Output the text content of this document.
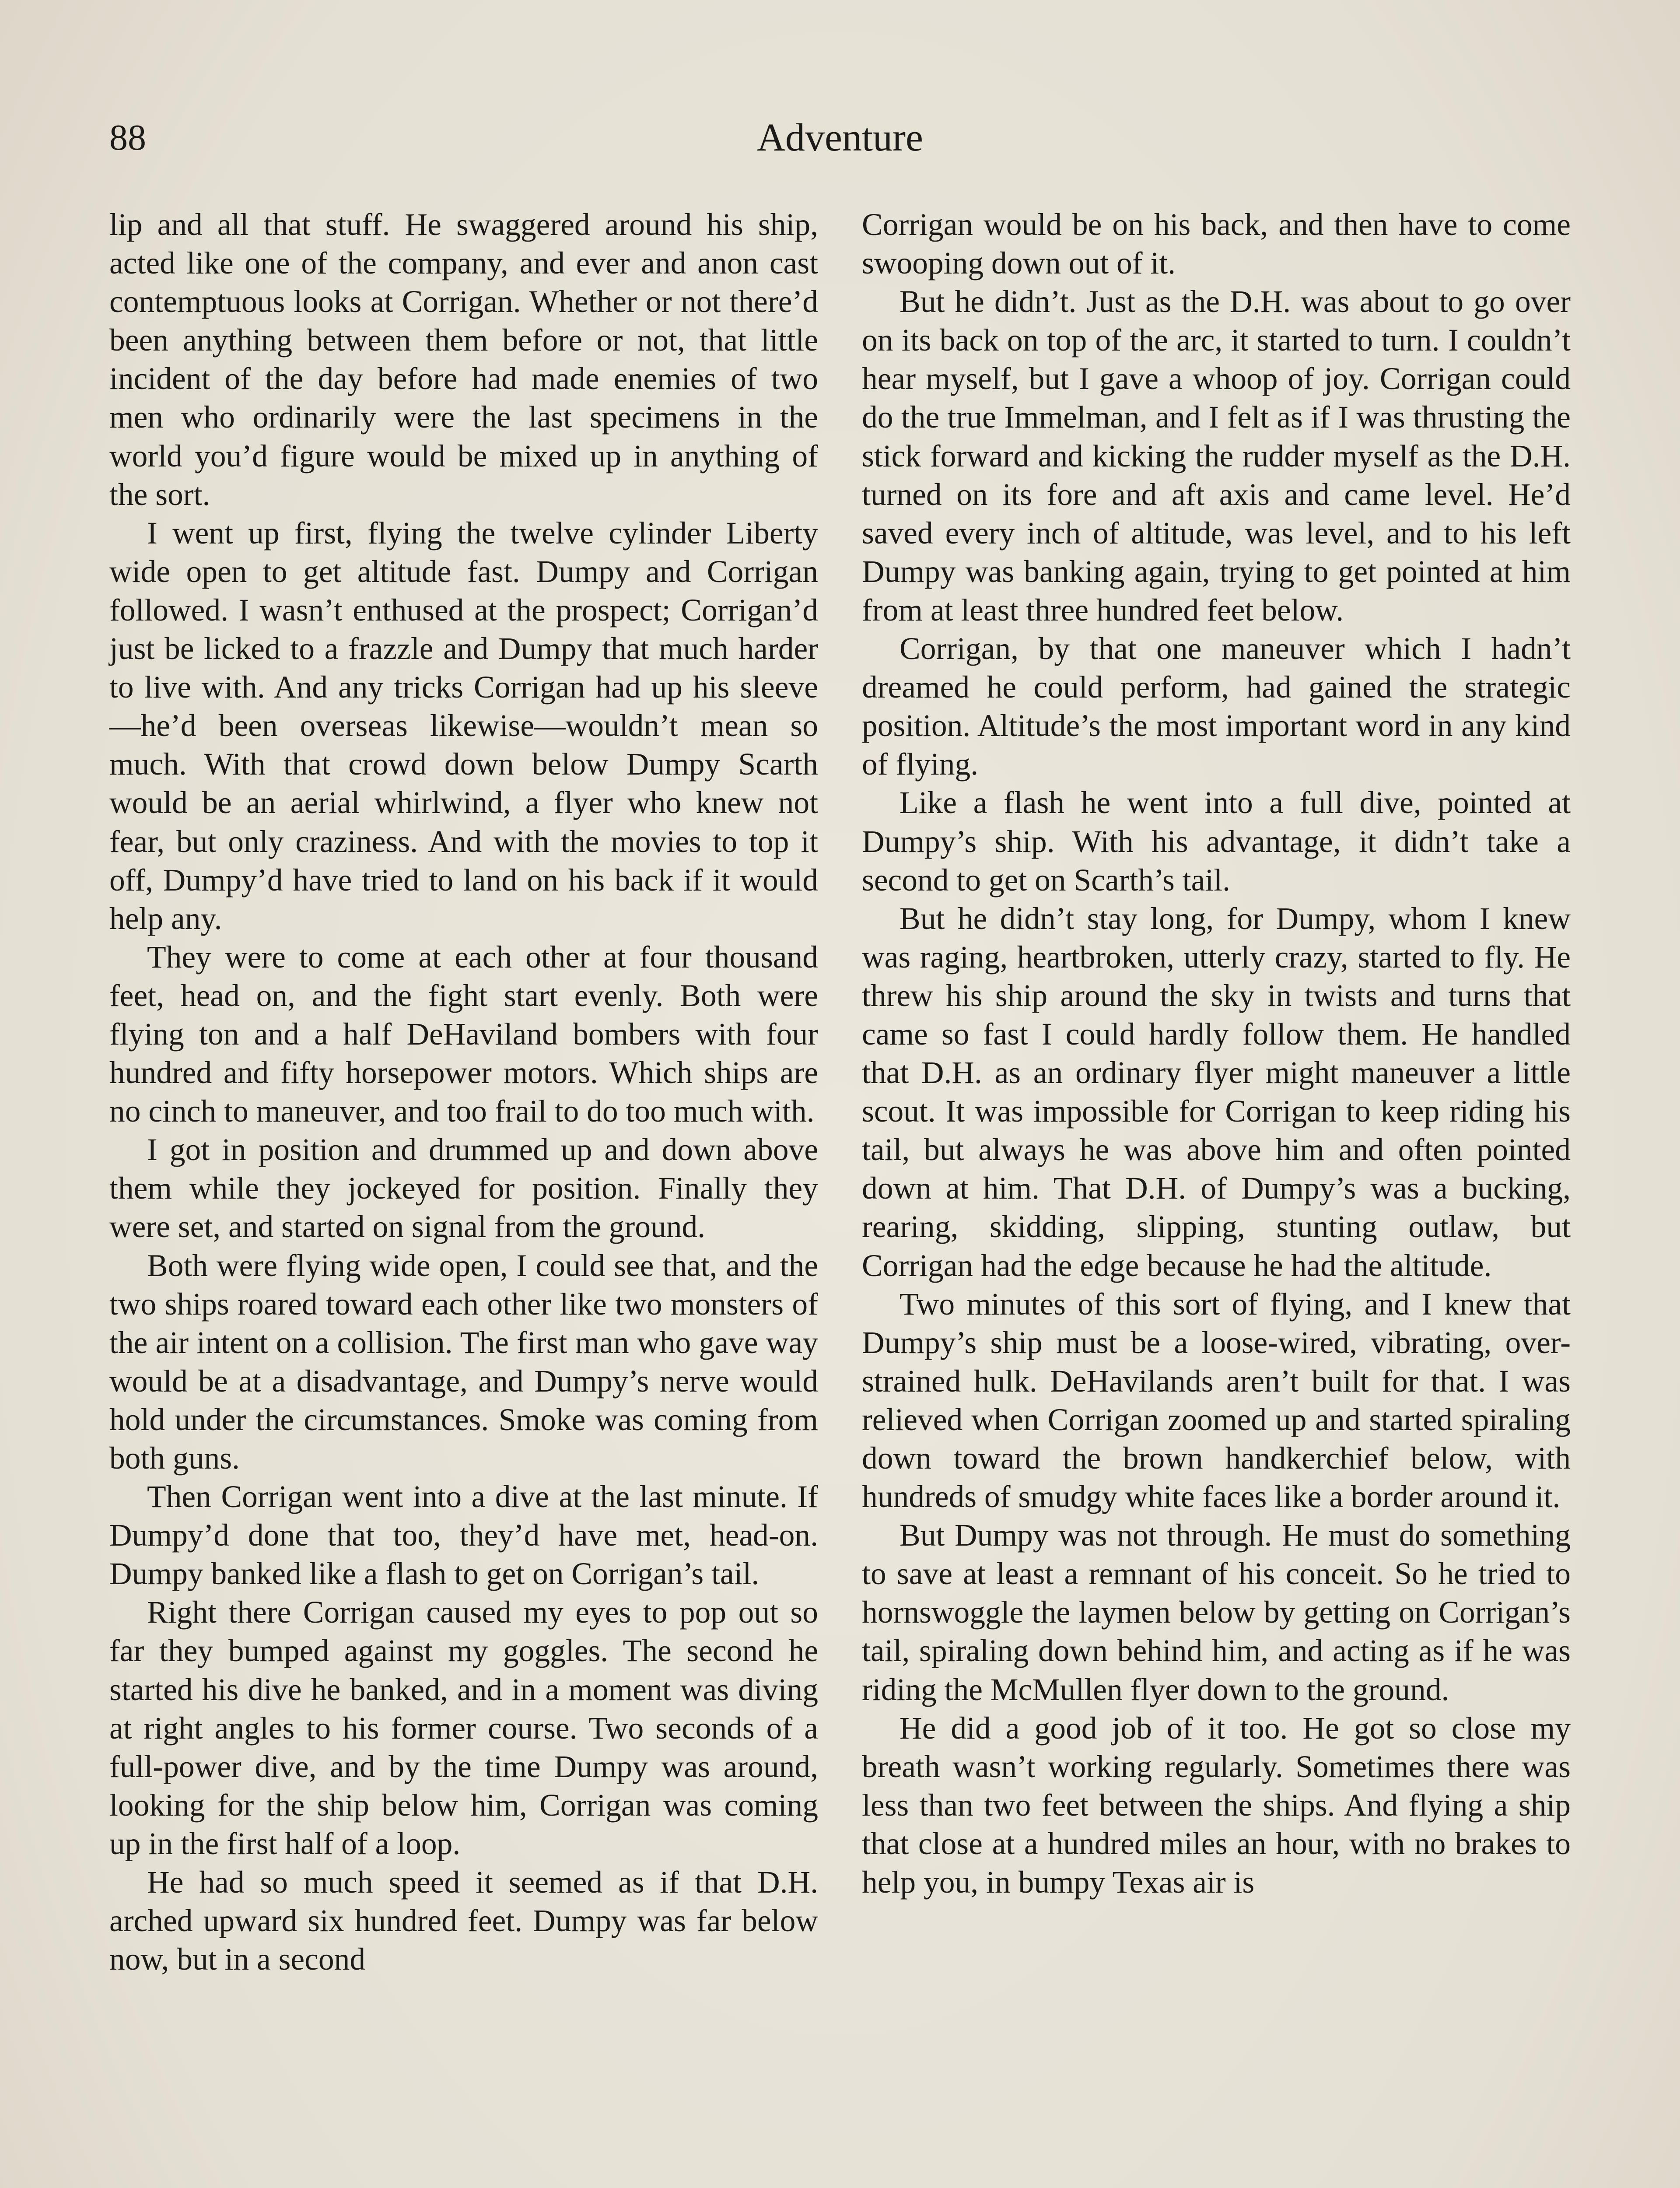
88	Adventure

lip and all that stuff. He swaggered around his ship, acted like one of the company, and ever and anon cast contemptuous looks at Corrigan. Whether or not there’d been anything between them before or not, that little incident of the day before had made enemies of two men who ordinarily were the last specimens in the world you’d figure would be mixed up in anything of the sort.

I went up first, flying the twelve cylinder Liberty wide open to get altitude fast. Dumpy and Corrigan followed. I wasn’t enthused at the prospect; Corrigan’d just be licked to a frazzle and Dumpy that much harder to live with. And any tricks Corrigan had up his sleeve—he’d been overseas likewise—wouldn’t mean so much. With that crowd down below Dumpy Scarth would be an aerial whirlwind, a flyer who knew not fear, but only craziness. And with the movies to top it off, Dumpy’d have tried to land on his back if it would help any.

They were to come at each other at four thousand feet, head on, and the fight start evenly. Both were flying ton and a half DeHaviland bombers with four hundred and fifty horsepower motors. Which ships are no cinch to maneuver, and too frail to do too much with.

I got in position and drummed up and down above them while they jockeyed for position. Finally they were set, and started on signal from the ground.

Both were flying wide open, I could see that, and the two ships roared toward each other like two monsters of the air intent on a collision. The first man who gave way would be at a disadvantage, and Dumpy’s nerve would hold under the circumstances. Smoke was coming from both guns.

Then Corrigan went into a dive at the last minute. If Dumpy’d done that too, they’d have met, head-on. Dumpy banked like a flash to get on Corrigan’s tail.

Right there Corrigan caused my eyes to pop out so far they bumped against my goggles. The second he started his dive he banked, and in a moment was diving at right angles to his former course. Two seconds of a full-power dive, and by the time Dumpy was around, looking for the ship below him, Corrigan was coming up in the first half of a loop.

He had so much speed it seemed as if that D.H. arched upward six hundred feet. Dumpy was far below now, but in a second

Corrigan would be on his back, and then have to come swooping down out of it.

But he didn’t. Just as the D.H. was about to go over on its back on top of the arc, it started to turn. I couldn’t hear myself, but I gave a whoop of joy. Corrigan could do the true Immelman, and I felt as if I was thrusting the stick forward and kicking the rudder myself as the D.H. turned on its fore and aft axis and came level. He’d saved every inch of altitude, was level, and to his left Dumpy was banking again, trying to get pointed at him from at least three hundred feet below.

Corrigan, by that one maneuver which I hadn’t dreamed he could perform, had gained the strategic position. Altitude’s the most important word in any kind of flying.

Like a flash he went into a full dive, pointed at Dumpy’s ship. With his advantage, it didn’t take a second to get on Scarth’s tail.

But he didn’t stay long, for Dumpy, whom I knew was raging, heartbroken, utterly crazy, started to fly. He threw his ship around the sky in twists and turns that came so fast I could hardly follow them. He handled that D.H. as an ordinary flyer might maneuver a little scout. It was impossible for Corrigan to keep riding his tail, but always he was above him and often pointed down at him. That D.H. of Dumpy’s was a bucking, rearing, skidding, slipping, stunting outlaw, but Corrigan had the edge because he had the altitude.

Two minutes of this sort of flying, and I knew that Dumpy’s ship must be a loose-wired, vibrating, over-strained hulk. DeHavilands aren’t built for that. I was relieved when Corrigan zoomed up and started spiraling down toward the brown handkerchief below, with hundreds of smudgy white faces like a border around it.

But Dumpy was not through. He must do something to save at least a remnant of his conceit. So he tried to hornswoggle the laymen below by getting on Corrigan’s tail, spiraling down behind him, and acting as if he was riding the McMullen flyer down to the ground.

He did a good job of it too. He got so close my breath wasn’t working regularly. Sometimes there was less than two feet between the ships. And flying a ship that close at a hundred miles an hour, with no brakes to help you, in bumpy Texas air is
